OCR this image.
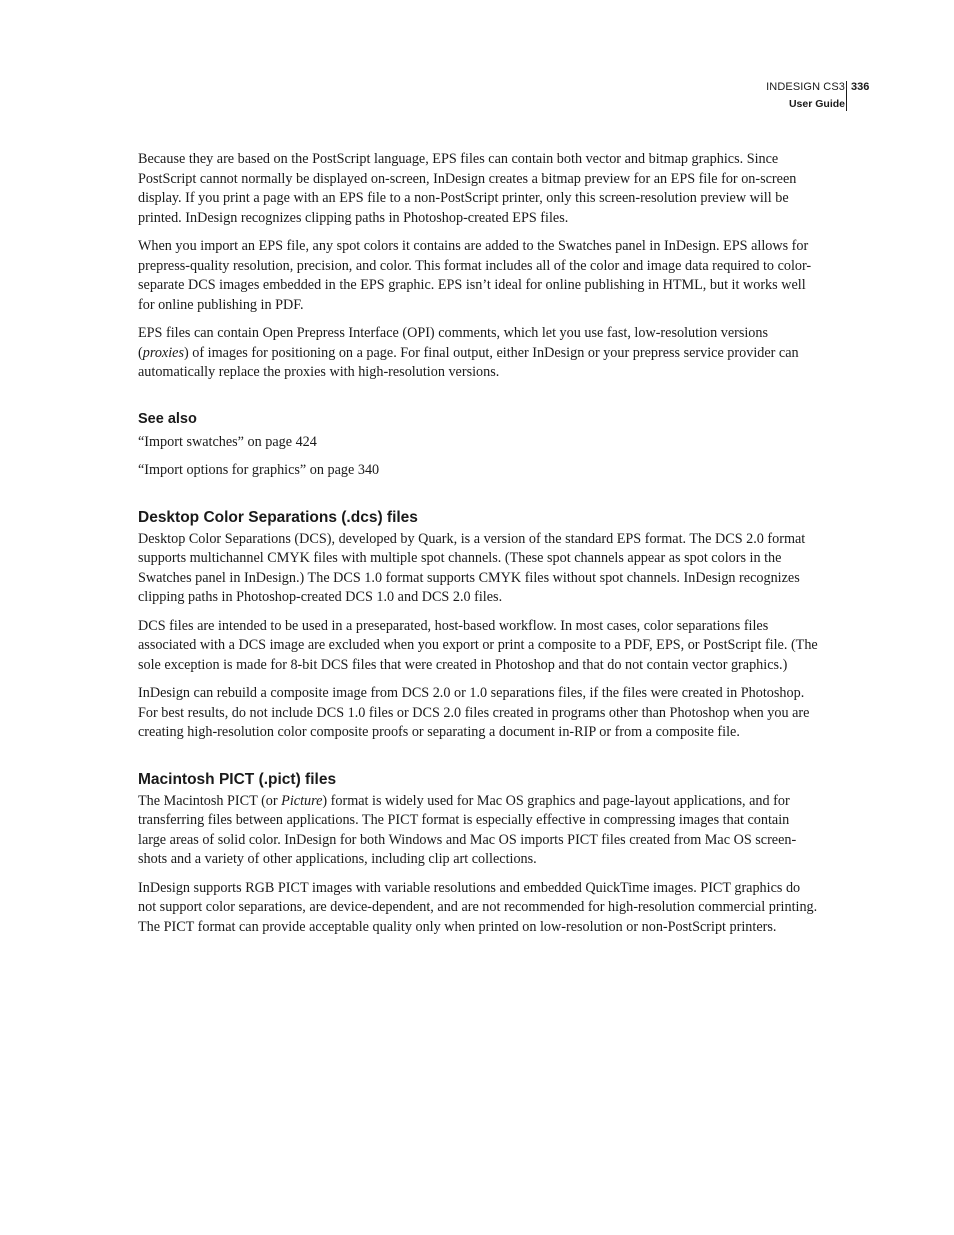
INDESIGN CS3
User Guide
336

Because they are based on the PostScript language, EPS files can contain both vector and bitmap graphics. Since PostScript cannot normally be displayed on-screen, InDesign creates a bitmap preview for an EPS file for on-screen display. If you print a page with an EPS file to a non-PostScript printer, only this screen-resolution preview will be printed. InDesign recognizes clipping paths in Photoshop-created EPS files.

When you import an EPS file, any spot colors it contains are added to the Swatches panel in InDesign. EPS allows for prepress-quality resolution, precision, and color. This format includes all of the color and image data required to color-separate DCS images embedded in the EPS graphic. EPS isn’t ideal for online publishing in HTML, but it works well for online publishing in PDF.

EPS files can contain Open Prepress Interface (OPI) comments, which let you use fast, low-resolution versions (proxies) of images for positioning on a page. For final output, either InDesign or your prepress service provider can automatically replace the proxies with high-resolution versions.

See also
“Import swatches” on page 424
“Import options for graphics” on page 340
Desktop Color Separations (.dcs) files

Desktop Color Separations (DCS), developed by Quark, is a version of the standard EPS format. The DCS 2.0 format supports multichannel CMYK files with multiple spot channels. (These spot channels appear as spot colors in the Swatches panel in InDesign.) The DCS 1.0 format supports CMYK files without spot channels. InDesign recognizes clipping paths in Photoshop-created DCS 1.0 and DCS 2.0 files.

DCS files are intended to be used in a preseparated, host-based workflow. In most cases, color separations files associated with a DCS image are excluded when you export or print a composite to a PDF, EPS, or PostScript file. (The sole exception is made for 8-bit DCS files that were created in Photoshop and that do not contain vector graphics.)

InDesign can rebuild a composite image from DCS 2.0 or 1.0 separations files, if the files were created in Photoshop. For best results, do not include DCS 1.0 files or DCS 2.0 files created in programs other than Photoshop when you are creating high-resolution color composite proofs or separating a document in-RIP or from a composite file.

Macintosh PICT (.pict) files

The Macintosh PICT (or Picture) format is widely used for Mac OS graphics and page-layout applications, and for transferring files between applications. The PICT format is especially effective in compressing images that contain large areas of solid color. InDesign for both Windows and Mac OS imports PICT files created from Mac OS screen-shots and a variety of other applications, including clip art collections.

InDesign supports RGB PICT images with variable resolutions and embedded QuickTime images. PICT graphics do not support color separations, are device-dependent, and are not recommended for high-resolution commercial printing. The PICT format can provide acceptable quality only when printed on low-resolution or non-PostScript printers.
